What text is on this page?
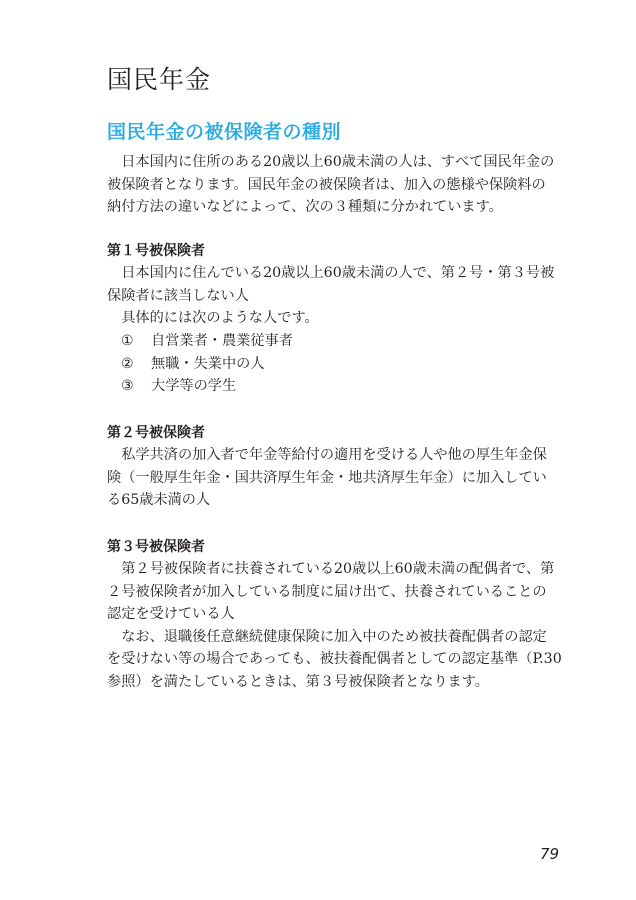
国民年金
国民年金の被保険者の種別

日本国内に住所のある20歳以上60歳未満の人は、すべて国民年金の
被保険者となります。国民年金の被保険者は、加入の態様や保険料の
納付方法の違いなどによって、次の３種類に分かれています。

第１号被保険者

日本国内に住んでいる20歳以上60歳未満の人で、第２号・第３号被
保険者に該当しない人
具体的には次のような人です。

① 自営業者・農業従事者
② 無職・失業中の人
③ 大学等の学生
第２号被保険者

私学共済の加入者で年金等給付の適用を受ける人や他の厚生年金保
険（一般厚生年金・国共済厚生年金・地共済厚生年金）に加入してい
る65歳未満の人

第３号被保険者

第２号被保険者に扶養されている20歳以上60歳未満の配偶者で、第
２号被保険者が加入している制度に届け出て、扶養されていることの
認定を受けている人
なお、退職後任意継続健康保険に加入中のため被扶養配偶者の認定
を受けない等の場合であっても、被扶養配偶者としての認定基準（P.30
参照）を満たしているときは、第３号被保険者となります。

79
